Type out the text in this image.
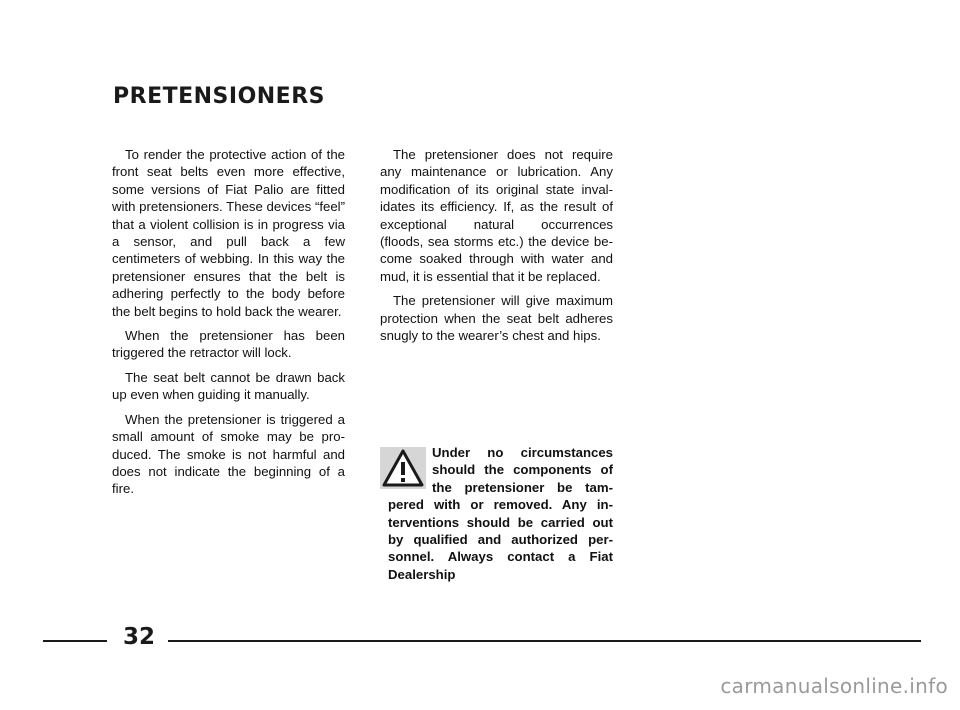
PRETENSIONERS

To render the protective action of the front seat belts even more effective, some versions of Fiat Palio are fitted with pretensioners. These devices “feel” that a violent collision is in progress via a sensor, and pull back a few centimeters of webbing. In this way the pretensioner ensures that the belt is adhering perfectly to the body before the belt begins to hold back the wearer.

When the pretensioner has been triggered the retractor will lock.

The seat belt cannot be drawn back up even when guiding it manually.

When the pretensioner is triggered a small amount of smoke may be produced. The smoke is not harmful and does not indicate the beginning of a fire.

The pretensioner does not require any maintenance or lubrication. Any modification of its original state invalidates its efficiency. If, as the result of exceptional natural occurrences (floods, sea storms etc.) the device become soaked through with water and mud, it is essential that it be replaced.

The pretensioner will give maximum protection when the seat belt adheres snugly to the wearer’s chest and hips.

Under no circumstances should the components of the pretensioner be tampered with or removed. Any interventions should be carried out by qualified and authorized personnel. Always contact a Fiat Dealership

32
carmanualsonline.info
